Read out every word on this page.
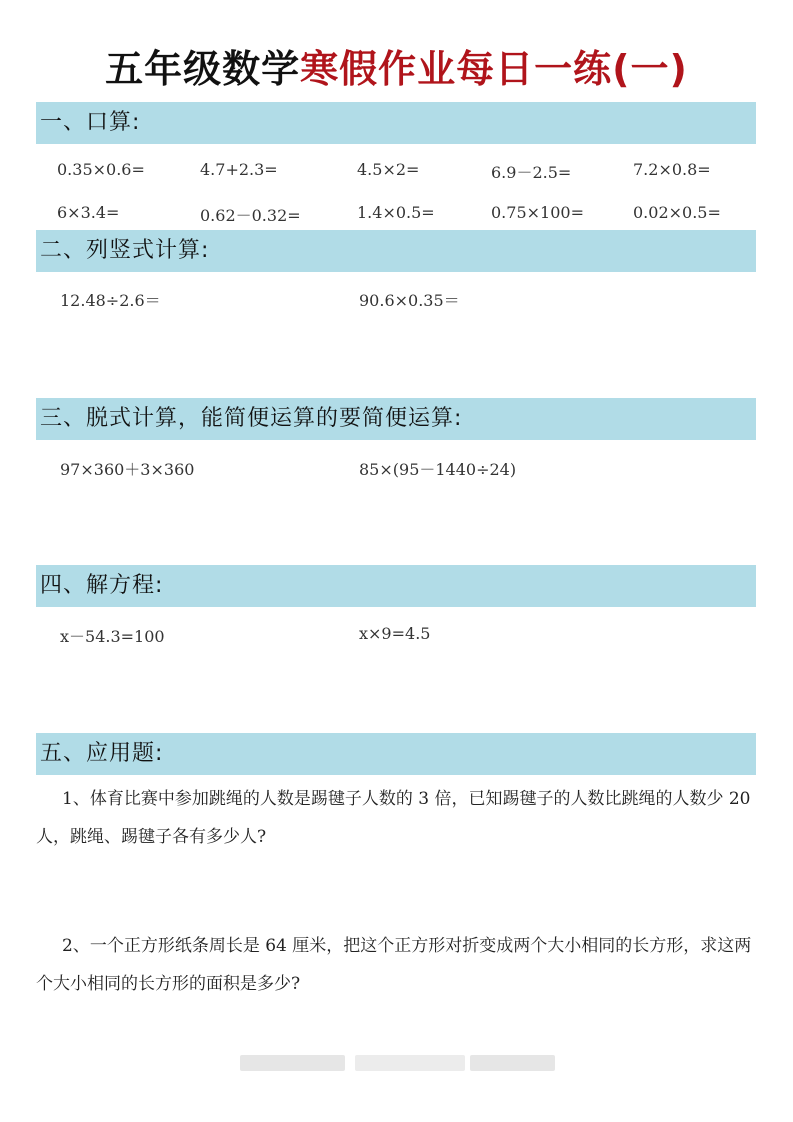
五年级数学寒假作业每日一练(一)
一、口算:
0.35×0.6=	4.7+2.3=	4.5×2=	6.9－2.5=	7.2×0.8=
6×3.4=	0.62－0.32=	1.4×0.5=	0.75×100=	0.02×0.5=
二、列竖式计算:
12.48÷2.6＝	90.6×0.35＝
三、脱式计算，能简便运算的要简便运算:
97×360＋3×360	85×(95－1440÷24)
四、解方程:
x－54.3=100	x×9=4.5
五、应用题:
1、体育比赛中参加跳绳的人数是踢毽子人数的 3 倍，已知踢毽子的人数比跳绳的人数少 20 人，跳绳、踢毽子各有多少人?
2、一个正方形纸条周长是 64 厘米，把这个正方形对折变成两个大小相同的长方形，求这两个大小相同的长方形的面积是多少?
